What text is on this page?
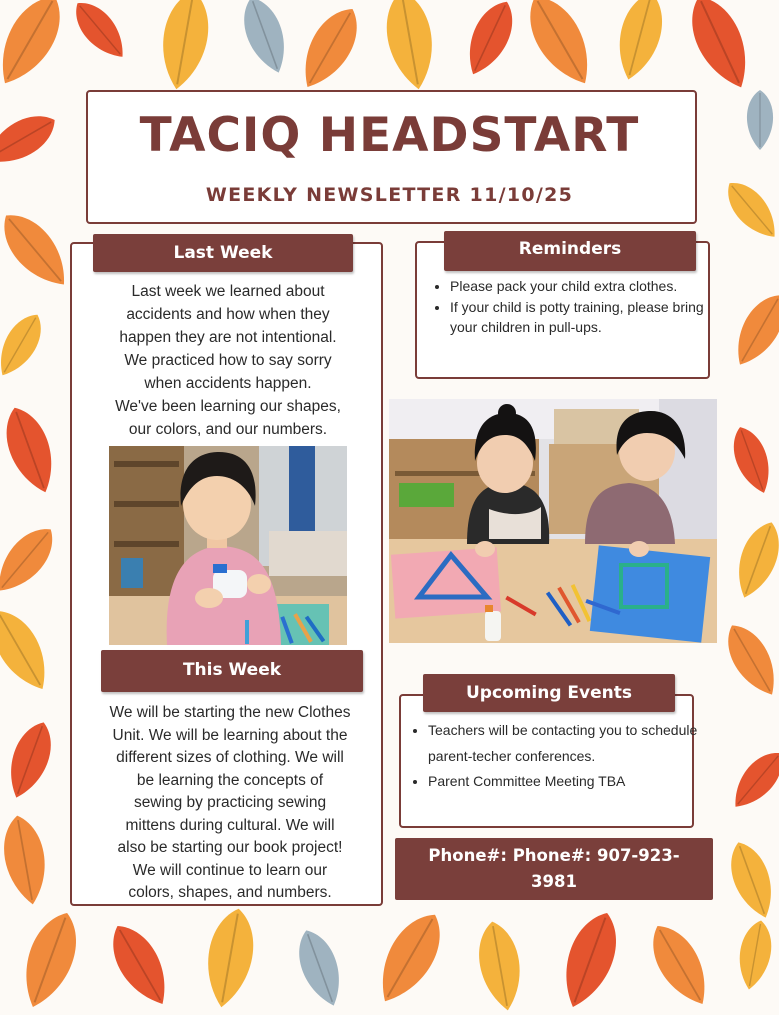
TACIQ HEADSTART
WEEKLY NEWSLETTER 11/10/25
Last Week
Last week we learned about
accidents and how when they
happen they are not intentional.
We practiced how to say sorry
when accidents happen.
We've been learning our shapes,
our colors, and our numbers.
Reminders
• Please pack your child extra clothes.
• If your child is potty training, please bring your children in pull-ups.
This Week
We will be starting the new Clothes
Unit. We will be learning about the
different sizes of clothing. We will
be learning the concepts of
sewing by practicing sewing
mittens during cultural. We will
also be starting our book project!
We will continue to learn our
colors, shapes, and numbers.
Upcoming Events
• Teachers will be contacting you to schedule parent-techer conferences.
• Parent Committee Meeting TBA
Phone#: Phone#: 907-923-
3981
